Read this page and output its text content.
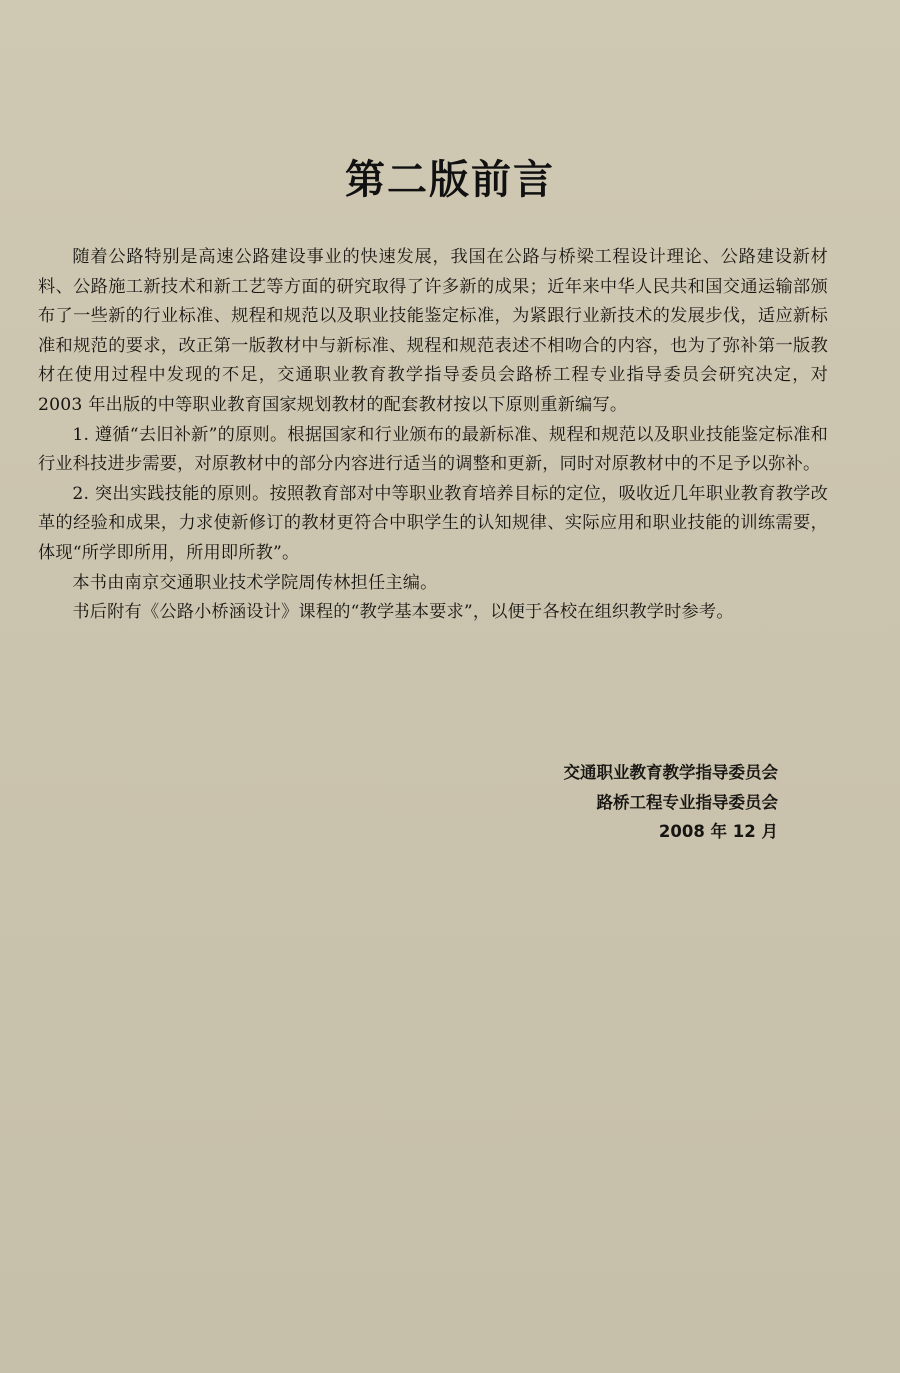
第二版前言

随着公路特别是高速公路建设事业的快速发展，我国在公路与桥梁工程设计理论、公路建设新材料、公路施工新技术和新工艺等方面的研究取得了许多新的成果；近年来中华人民共和国交通运输部颁布了一些新的行业标准、规程和规范以及职业技能鉴定标准，为紧跟行业新技术的发展步伐，适应新标准和规范的要求，改正第一版教材中与新标准、规程和规范表述不相吻合的内容，也为了弥补第一版教材在使用过程中发现的不足，交通职业教育教学指导委员会路桥工程专业指导委员会研究决定，对2003 年出版的中等职业教育国家规划教材的配套教材按以下原则重新编写。

1. 遵循“去旧补新”的原则。根据国家和行业颁布的最新标准、规程和规范以及职业技能鉴定标准和行业科技进步需要，对原教材中的部分内容进行适当的调整和更新，同时对原教材中的不足予以弥补。

2. 突出实践技能的原则。按照教育部对中等职业教育培养目标的定位，吸收近几年职业教育教学改革的经验和成果，力求使新修订的教材更符合中职学生的认知规律、实际应用和职业技能的训练需要，体现“所学即所用，所用即所教”。

本书由南京交通职业技术学院周传林担任主编。

书后附有《公路小桥涵设计》课程的“教学基本要求”，以便于各校在组织教学时参考。

交通职业教育教学指导委员会
路桥工程专业指导委员会
2008 年 12 月
